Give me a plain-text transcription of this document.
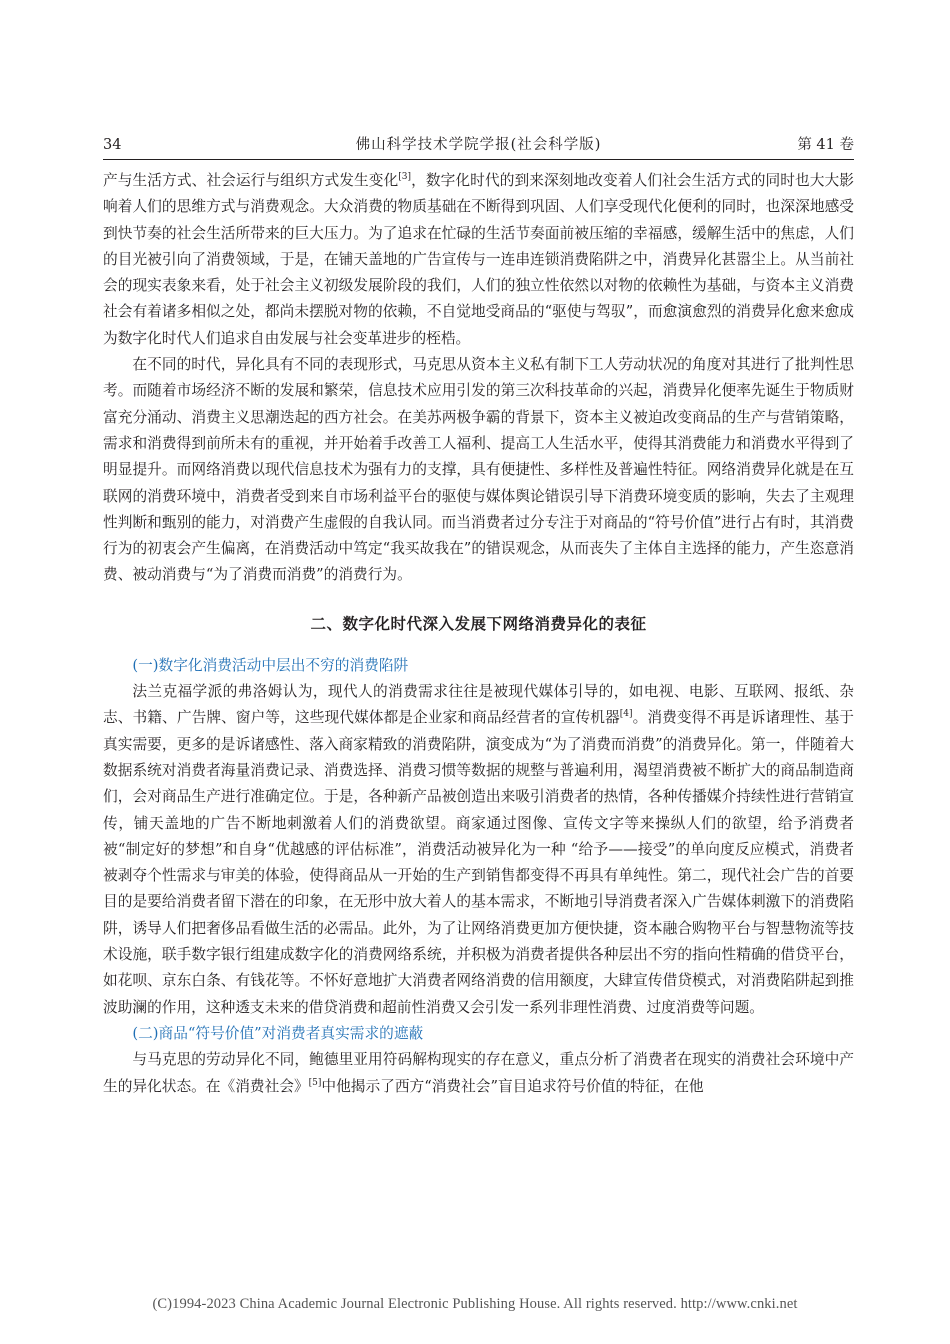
34	佛山科学技术学院学报(社会科学版)	第 41 卷

产与生活方式、社会运行与组织方式发生变化[3]，数字化时代的到来深刻地改变着人们社会生活方式的同时也大大影响着人们的思维方式与消费观念。大众消费的物质基础在不断得到巩固、人们享受现代化便利的同时，也深深地感受到快节奏的社会生活所带来的巨大压力。为了追求在忙碌的生活节奏面前被压缩的幸福感，缓解生活中的焦虑，人们的目光被引向了消费领域，于是，在铺天盖地的广告宣传与一连串连锁消费陷阱之中，消费异化甚嚣尘上。从当前社会的现实表象来看，处于社会主义初级发展阶段的我们，人们的独立性依然以对物的依赖性为基础，与资本主义消费社会有着诸多相似之处，都尚未摆脱对物的依赖，不自觉地受商品的“驱使与驾驭”，而愈演愈烈的消费异化愈来愈成为数字化时代人们追求自由发展与社会变革进步的桎梏。

在不同的时代，异化具有不同的表现形式，马克思从资本主义私有制下工人劳动状况的角度对其进行了批判性思考。而随着市场经济不断的发展和繁荣，信息技术应用引发的第三次科技革命的兴起，消费异化便率先诞生于物质财富充分涌动、消费主义思潮迭起的西方社会。在美苏两极争霸的背景下，资本主义被迫改变商品的生产与营销策略，需求和消费得到前所未有的重视，并开始着手改善工人福利、提高工人生活水平，使得其消费能力和消费水平得到了明显提升。而网络消费以现代信息技术为强有力的支撑，具有便捷性、多样性及普遍性特征。网络消费异化就是在互联网的消费环境中，消费者受到来自市场利益平台的驱使与媒体舆论错误引导下消费环境变质的影响，失去了主观理性判断和甄别的能力，对消费产生虚假的自我认同。而当消费者过分专注于对商品的“符号价值”进行占有时，其消费行为的初衷会产生偏离，在消费活动中笃定“我买故我在”的错误观念，从而丧失了主体自主选择的能力，产生恣意消费、被动消费与“为了消费而消费”的消费行为。

二、数字化时代深入发展下网络消费异化的表征

(一)数字化消费活动中层出不穷的消费陷阱

法兰克福学派的弗洛姆认为，现代人的消费需求往往是被现代媒体引导的，如电视、电影、互联网、报纸、杂志、书籍、广告牌、窗户等，这些现代媒体都是企业家和商品经营者的宣传机器[4]。消费变得不再是诉诸理性、基于真实需要，更多的是诉诸感性、落入商家精致的消费陷阱，演变成为“为了消费而消费”的消费异化。第一，伴随着大数据系统对消费者海量消费记录、消费选择、消费习惯等数据的规整与普遍利用，渴望消费被不断扩大的商品制造商们，会对商品生产进行准确定位。于是，各种新产品被创造出来吸引消费者的热情，各种传播媒介持续性进行营销宣传，铺天盖地的广告不断地刺激着人们的消费欲望。商家通过图像、宣传文字等来操纵人们的欲望，给予消费者被“制定好的梦想”和自身“优越感的评估标准”，消费活动被异化为一种 “给予——接受”的单向度反应模式，消费者被剥夺个性需求与审美的体验，使得商品从一开始的生产到销售都变得不再具有单纯性。第二，现代社会广告的首要目的是要给消费者留下潜在的印象，在无形中放大着人的基本需求，不断地引导消费者深入广告媒体刺激下的消费陷阱，诱导人们把奢侈品看做生活的必需品。此外，为了让网络消费更加方便快捷，资本融合购物平台与智慧物流等技术设施，联手数字银行组建成数字化的消费网络系统，并积极为消费者提供各种层出不穷的指向性精确的借贷平台，如花呗、京东白条、有钱花等。不怀好意地扩大消费者网络消费的信用额度，大肆宣传借贷模式，对消费陷阱起到推波助澜的作用，这种透支未来的借贷消费和超前性消费又会引发一系列非理性消费、过度消费等问题。

(二)商品“符号价值”对消费者真实需求的遮蔽

与马克思的劳动异化不同，鲍德里亚用符码解构现实的存在意义，重点分析了消费者在现实的消费社会环境中产生的异化状态。在《消费社会》[5]中他揭示了西方“消费社会”盲目追求符号价值的特征，在他

(C)1994-2023 China Academic Journal Electronic Publishing House. All rights reserved. http://www.cnki.net
